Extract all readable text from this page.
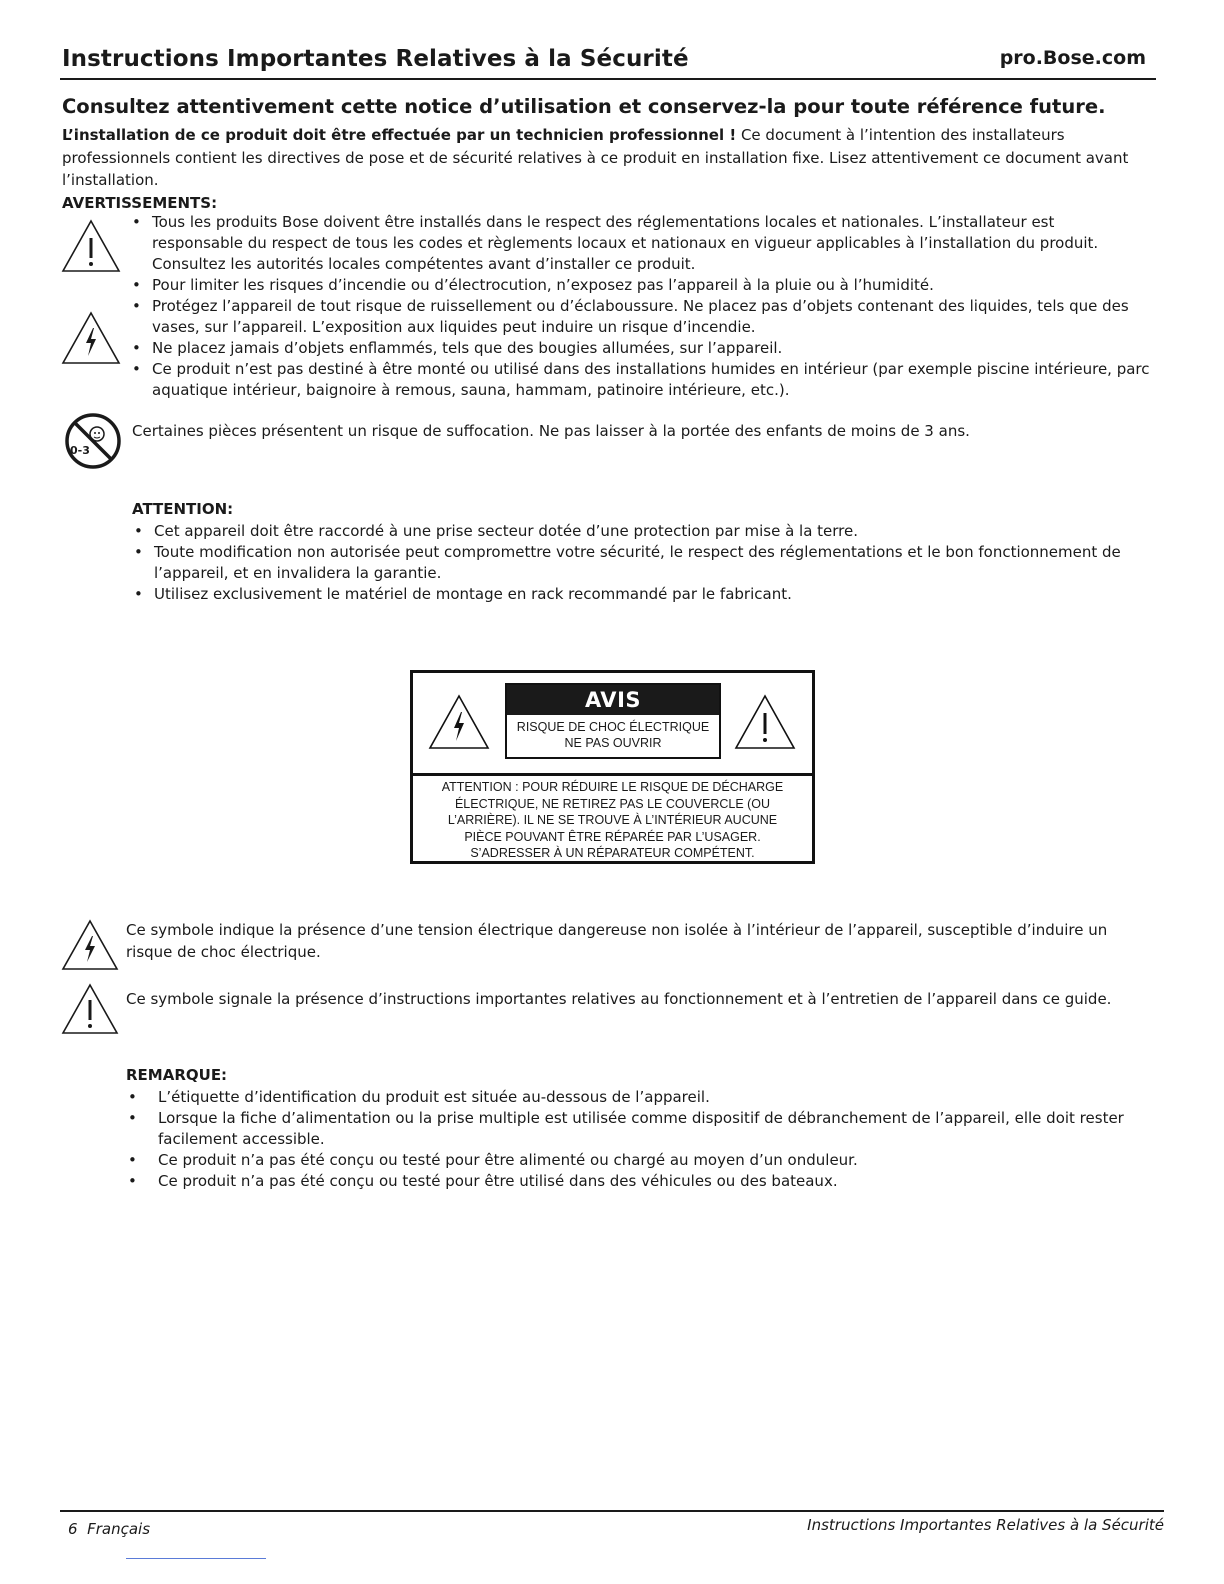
Instructions Importantes Relatives à la Sécurité	pro.Bose.com
Consultez attentivement cette notice d’utilisation et conservez-la pour toute référence future.
L’installation de ce produit doit être effectuée par un technicien professionnel ! Ce document à l’intention des installateurs professionnels contient les directives de pose et de sécurité relatives à ce produit en installation fixe. Lisez attentivement ce document avant l’installation.
AVERTISSEMENTS:
• Tous les produits Bose doivent être installés dans le respect des réglementations locales et nationales. L’installateur est responsable du respect de tous les codes et règlements locaux et nationaux en vigueur applicables à l’installation du produit. Consultez les autorités locales compétentes avant d’installer ce produit.
• Pour limiter les risques d’incendie ou d’électrocution, n’exposez pas l’appareil à la pluie ou à l’humidité.
• Protégez l’appareil de tout risque de ruissellement ou d’éclaboussure. Ne placez pas d’objets contenant des liquides, tels que des vases, sur l’appareil. L’exposition aux liquides peut induire un risque d’incendie.
• Ne placez jamais d’objets enflammés, tels que des bougies allumées, sur l’appareil.
• Ce produit n’est pas destiné à être monté ou utilisé dans des installations humides en intérieur (par exemple piscine intérieure, parc aquatique intérieur, baignoire à remous, sauna, hammam, patinoire intérieure, etc.).
0-3
Certaines pièces présentent un risque de suffocation. Ne pas laisser à la portée des enfants de moins de 3 ans.
ATTENTION:
• Cet appareil doit être raccordé à une prise secteur dotée d’une protection par mise à la terre.
• Toute modification non autorisée peut compromettre votre sécurité, le respect des réglementations et le bon fonctionnement de l’appareil, et en invalidera la garantie.
• Utilisez exclusivement le matériel de montage en rack recommandé par le fabricant.
AVIS
RISQUE DE CHOC ÉLECTRIQUE
NE PAS OUVRIR
ATTENTION : POUR RÉDUIRE LE RISQUE DE DÉCHARGE
ÉLECTRIQUE, NE RETIREZ PAS LE COUVERCLE (OU
L’ARRIÈRE). IL NE SE TROUVE À L’INTÉRIEUR AUCUNE
PIÈCE POUVANT ÊTRE RÉPARÉE PAR L’USAGER.
S’ADRESSER À UN RÉPARATEUR COMPÉTENT.
Ce symbole indique la présence d’une tension électrique dangereuse non isolée à l’intérieur de l’appareil, susceptible d’induire un risque de choc électrique.
Ce symbole signale la présence d’instructions importantes relatives au fonctionnement et à l’entretien de l’appareil dans ce guide.
REMARQUE:
• L’étiquette d’identification du produit est située au-dessous de l’appareil.
• Lorsque la fiche d’alimentation ou la prise multiple est utilisée comme dispositif de débranchement de l’appareil, elle doit rester facilement accessible.
• Ce produit n’a pas été conçu ou testé pour être alimenté ou chargé au moyen d’un onduleur.
• Ce produit n’a pas été conçu ou testé pour être utilisé dans des véhicules ou des bateaux.
6 Français	Instructions Importantes Relatives à la Sécurité
